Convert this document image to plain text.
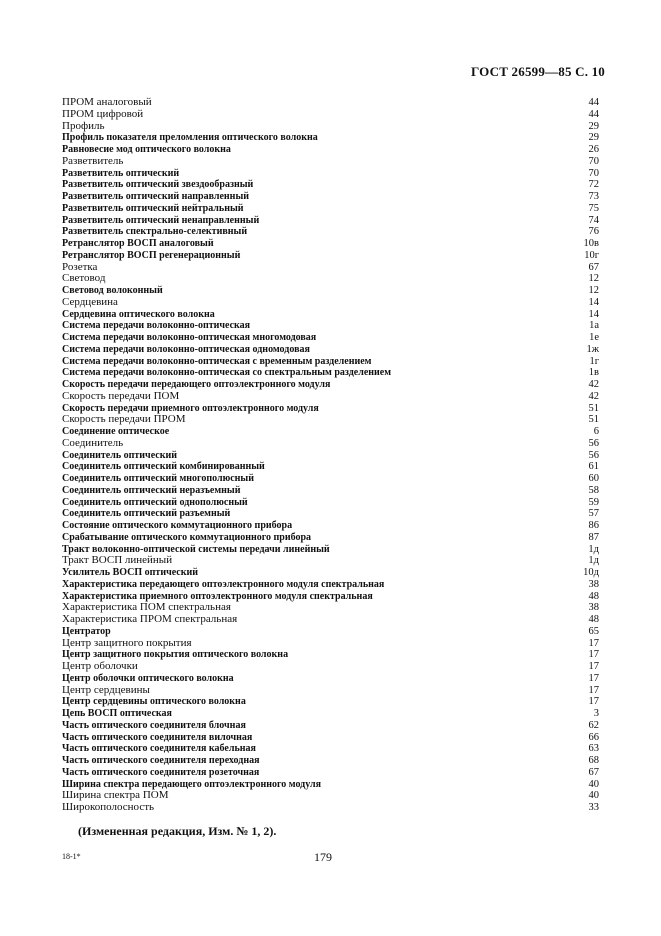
ГОСТ 26599—85 С. 10
ПРОМ аналоговый	44
ПРОМ цифровой	44
Профиль	29
Профиль показателя преломления оптического волокна	29
Равновесие мод оптического волокна	26
Разветвитель	70
Разветвитель оптический	70
Разветвитель оптический звездообразный	72
Разветвитель оптический направленный	73
Разветвитель оптический нейтральный	75
Разветвитель оптический ненаправленный	74
Разветвитель спектрально-селективный	76
Ретранслятор ВОСП аналоговый	10в
Ретранслятор ВОСП регенерационный	10г
Розетка	67
Световод	12
Световод волоконный	12
Сердцевина	14
Сердцевина оптического волокна	14
Система передачи волоконно-оптическая	1а
Система передачи волоконно-оптическая многомодовая	1е
Система передачи волоконно-оптическая одномодовая	1ж
Система передачи волоконно-оптическая с временным разделением	1г
Система передачи волоконно-оптическая со спектральным разделением	1в
Скорость передачи передающего оптоэлектронного модуля	42
Скорость передачи ПОМ	42
Скорость передачи приемного оптоэлектронного модуля	51
Скорость передачи ПРОМ	51
Соединение оптическое	6
Соединитель	56
Соединитель оптический	56
Соединитель оптический комбинированный	61
Соединитель оптический многополюсный	60
Соединитель оптический неразъемный	58
Соединитель оптический однополюсный	59
Соединитель оптический разъемный	57
Состояние оптического коммутационного прибора	86
Срабатывание оптического коммутационного прибора	87
Тракт волоконно-оптической системы передачи линейный	1д
Тракт ВОСП линейный	1д
Усилитель ВОСП оптический	10д
Характеристика передающего оптоэлектронного модуля спектральная	38
Характеристика приемного оптоэлектронного модуля спектральная	48
Характеристика ПОМ спектральная	38
Характеристика ПРОМ спектральная	48
Центратор	65
Центр защитного покрытия	17
Центр защитного покрытия оптического волокна	17
Центр оболочки	17
Центр оболочки оптического волокна	17
Центр сердцевины	17
Центр сердцевины оптического волокна	17
Цепь ВОСП оптическая	3
Часть оптического соединителя блочная	62
Часть оптического соединителя вилочная	66
Часть оптического соединителя кабельная	63
Часть оптического соединителя переходная	68
Часть оптического соединителя розеточная	67
Ширина спектра передающего оптоэлектронного модуля	40
Ширина спектра ПОМ	40
Широкополосность	33
(Измененная редакция, Изм. № 1, 2).
18-1*	179
